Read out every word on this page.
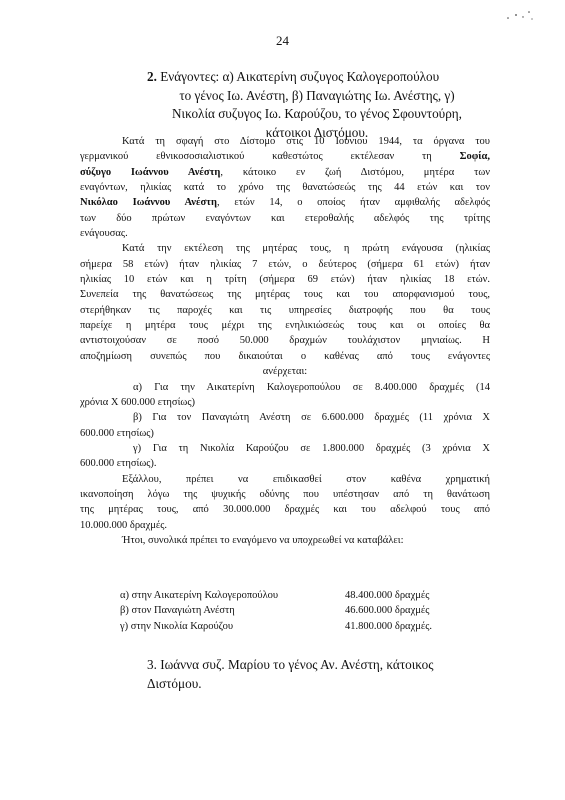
24
2. Ενάγοντες: α) Αικατερίνη συζυγος Καλογεροπούλου
το γένος Ιω. Ανέστη, β) Παναγιώτης Ιω. Ανέστης, γ)
Νικολία συζυγος Ιω. Καρούζου, το γένος Σφουντούρη,
κάτοικοι Διστόμου.
Κατά τη σφαγή στο Δίστομο στις 10 Ιουνιου 1944, τα όργανα του
γερμανικού εθνικοσοσιαλιστικού καθεστώτος εκτέλεσαν τη	Σοφία,
σύζυγο Ιωάννου Ανέστη, κάτοικο εν ζωή Διστόμου, μητέρα των
εναγόντων, ηλικίας κατά το χρόνο της θανατώσεώς της 44 ετών και τον
Νικόλαο Ιωάννου Ανέστη, ετών 14, ο οποίος ήταν αμφιθαλής αδελφός
των δύο πρώτων εναγόντων και ετεροθαλής αδελφός της τρίτης
ενάγουσας.
Κατά την εκτέλεση της μητέρας τους, η πρώτη ενάγουσα (ηλικίας
σήμερα 58 ετών) ήταν ηλικίας 7 ετών, ο δεύτερος (σήμερα 61 ετών) ήταν
ηλικίας 10 ετών και η τρίτη (σήμερα 69 ετών) ήταν ηλικίας 18 ετών.
Συνεπεία της θανατώσεως της μητέρας τους και του απορφανισμού τους,
στερήθηκαν τις παροχές και τις υπηρεσίες διατροφής που θα τους
παρείχε η μητέρα τους μέχρι της ενηλικιώσεώς τους και οι οποίες θα
αντιστοιχούσαν σε ποσό 50.000 δραχμών τουλάχιστον μηνιαίως. Η
αποζημίωση συνεπώς που δικαιούται ο καθένας από τους ενάγοντες
ανέρχεται:
α) Για την Αικατερίνη Καλογεροπούλου σε 8.400.000 δραχμές (14
χρόνια Χ 600.000 ετησίως)
β) Για τον Παναγιώτη Ανέστη σε 6.600.000 δραχμές (11 χρόνια Χ
600.000 ετησίως)
γ) Για τη Νικολία Καρούζου σε 1.800.000 δραχμές (3 χρόνια Χ
600.000 ετησίως).
Εξάλλου, πρέπει να επιδικασθεί στον καθένα χρηματική
ικανοποίηση λόγω της ψυχικής οδύνης που υπέστησαν από τη θανάτωση
της μητέρας τους, από 30.000.000 δραχμές και του αδελφού τους από
10.000.000 δραχμές.
Ήτοι, συνολικά πρέπει το εναγόμενο να υποχρεωθεί να καταβάλει:
α) στην Αικατερίνη Καλογεροπούλου	48.400.000 δραχμές
β) στον Παναγιώτη Ανέστη	46.600.000 δραχμές
γ) στην Νικολία Καρούζου	41.800.000 δραχμές.
3. Ιωάννα συζ. Μαρίου το γένος Αν. Ανέστη, κάτοικος
Διστόμου.
